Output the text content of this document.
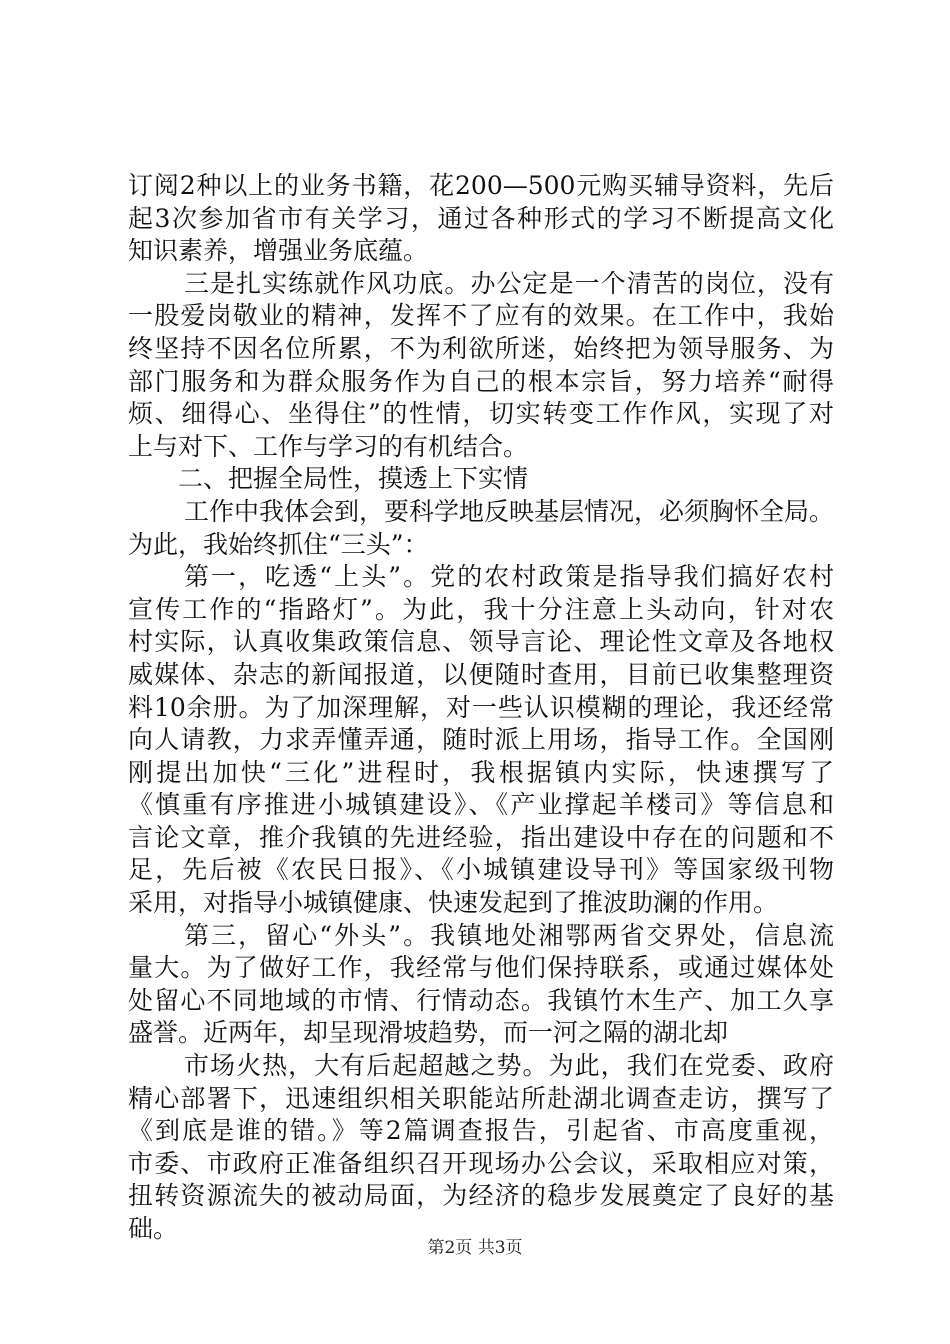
订阅2种以上的业务书籍，花200—500元购买辅导资料，先后
起3次参加省市有关学习，通过各种形式的学习不断提高文化
知识素养，增强业务底蕴。
三是扎实练就作风功底。办公定是一个清苦的岗位，没有
一股爱岗敬业的精神，发挥不了应有的效果。在工作中，我始
终坚持不因名位所累，不为利欲所迷，始终把为领导服务、为
部门服务和为群众服务作为自己的根本宗旨，努力培养“耐得
烦、细得心、坐得住”的性情，切实转变工作作风，实现了对
上与对下、工作与学习的有机结合。
二、把握全局性，摸透上下实情
工作中我体会到，要科学地反映基层情况，必须胸怀全局。
为此，我始终抓住“三头”：
第一，吃透“上头”。党的农村政策是指导我们搞好农村
宣传工作的“指路灯”。为此，我十分注意上头动向，针对农
村实际，认真收集政策信息、领导言论、理论性文章及各地权
威媒体、杂志的新闻报道，以便随时查用，目前已收集整理资
料10余册。为了加深理解，对一些认识模糊的理论，我还经常
向人请教，力求弄懂弄通，随时派上用场，指导工作。全国刚
刚提出加快“三化”进程时，我根据镇内实际，快速撰写了
《慎重有序推进小城镇建设》、《产业撑起羊楼司》等信息和
言论文章，推介我镇的先进经验，指出建设中存在的问题和不
足，先后被《农民日报》、《小城镇建设导刊》等国家级刊物
采用，对指导小城镇健康、快速发起到了推波助澜的作用。
第三，留心“外头”。我镇地处湘鄂两省交界处，信息流
量大。为了做好工作，我经常与他们保持联系，或通过媒体处
处留心不同地域的市情、行情动态。我镇竹木生产、加工久享
盛誉。近两年，却呈现滑坡趋势，而一河之隔的湖北却
市场火热，大有后起超越之势。为此，我们在党委、政府
精心部署下，迅速组织相关职能站所赴湖北调查走访，撰写了
《到底是谁的错。》等2篇调查报告，引起省、市高度重视，
市委、市政府正准备组织召开现场办公会议，采取相应对策，
扭转资源流失的被动局面，为经济的稳步发展奠定了良好的基
础。
第2页 共3页
